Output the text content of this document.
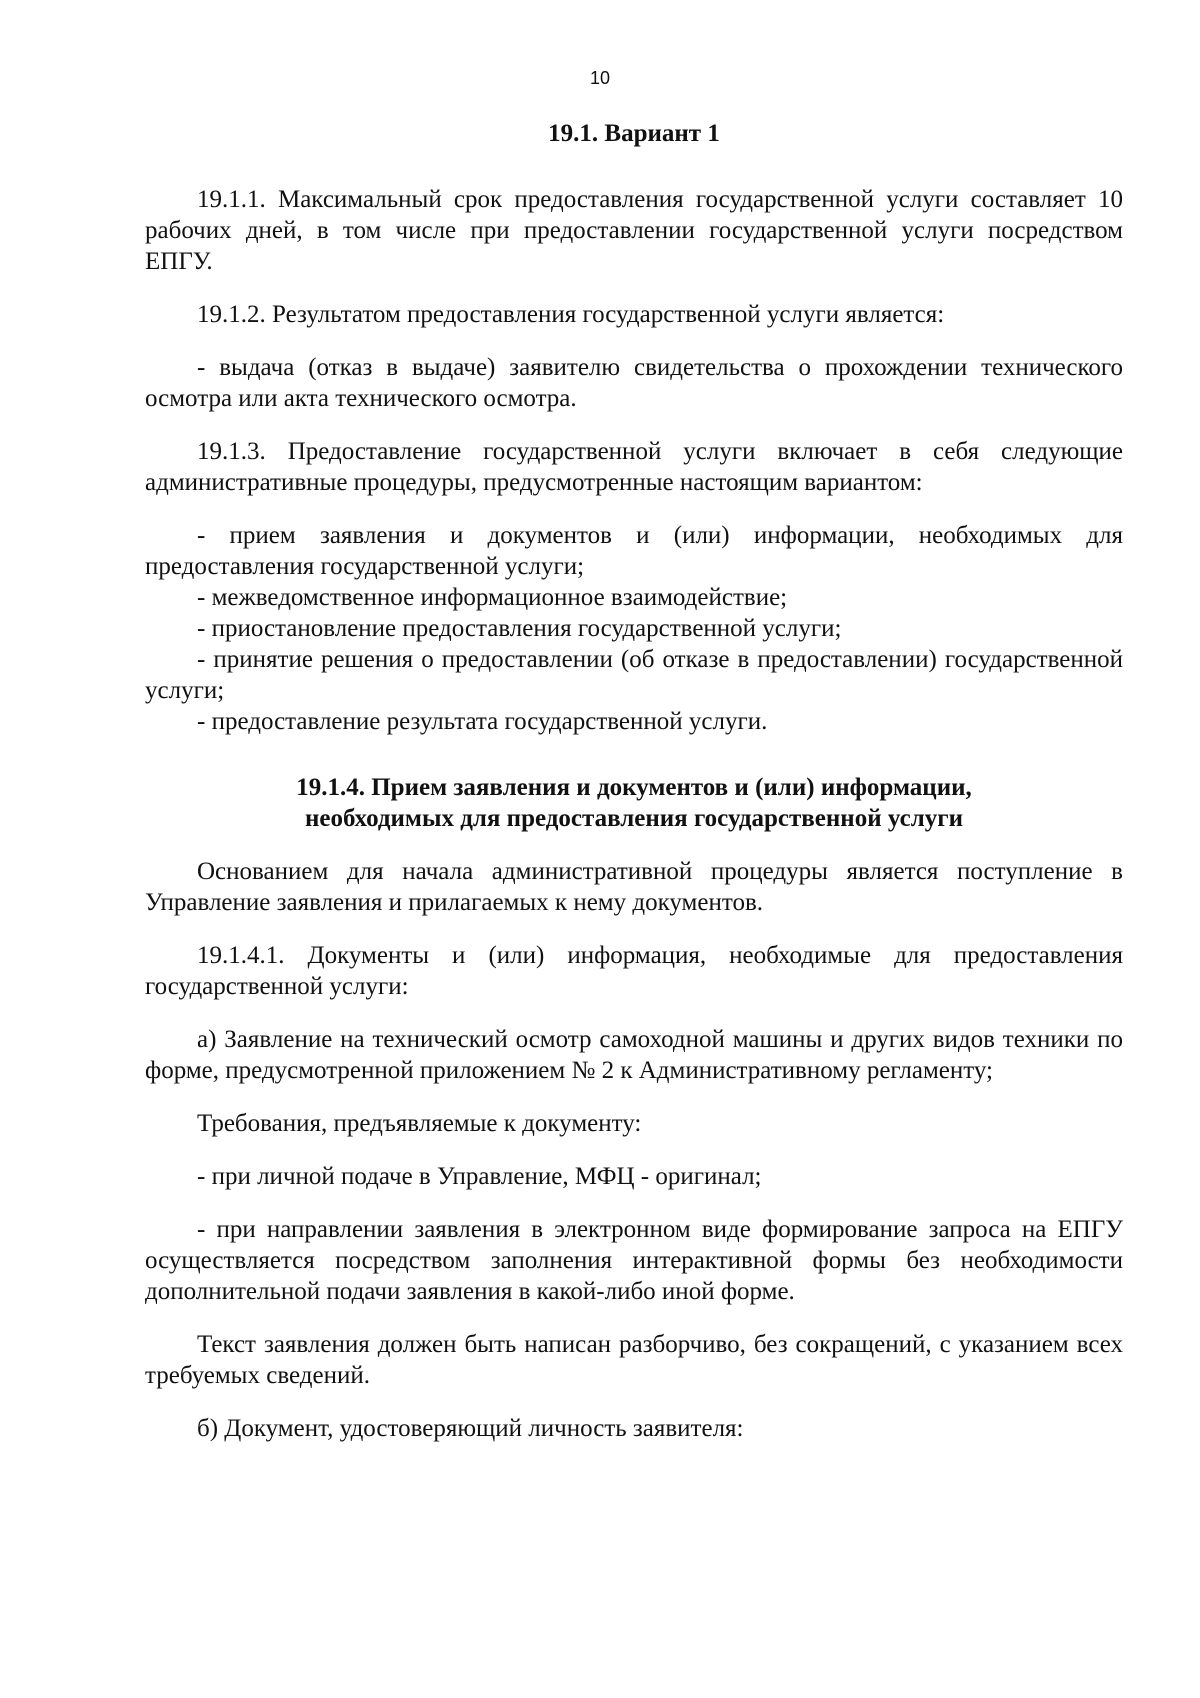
10

19.1. Вариант 1

19.1.1. Максимальный срок предоставления государственной услуги составляет 10 рабочих дней, в том числе при предоставлении государственной услуги посредством ЕПГУ.

19.1.2. Результатом предоставления государственной услуги является:

- выдача (отказ в выдаче) заявителю свидетельства о прохождении технического осмотра или акта технического осмотра.

19.1.3. Предоставление государственной услуги включает в себя следующие административные процедуры, предусмотренные настоящим вариантом:

- прием заявления и документов и (или) информации, необходимых для предоставления государственной услуги;

- межведомственное информационное взаимодействие;

- приостановление предоставления государственной услуги;

- принятие решения о предоставлении (об отказе в предоставлении) государственной услуги;

- предоставление результата государственной услуги.

19.1.4. Прием заявления и документов и (или) информации,

необходимых для предоставления государственной услуги

Основанием для начала административной процедуры является поступление в Управление заявления и прилагаемых к нему документов.

19.1.4.1. Документы и (или) информация, необходимые для предоставления государственной услуги:

а) Заявление на технический осмотр самоходной машины и других видов техники по форме, предусмотренной приложением № 2 к Административному регламенту;

Требования, предъявляемые к документу:

- при личной подаче в Управление, МФЦ - оригинал;

- при направлении заявления в электронном виде формирование запроса на ЕПГУ осуществляется посредством заполнения интерактивной формы без необходимости дополнительной подачи заявления в какой-либо иной форме.

Текст заявления должен быть написан разборчиво, без сокращений, с указанием всех требуемых сведений.

б) Документ, удостоверяющий личность заявителя:
